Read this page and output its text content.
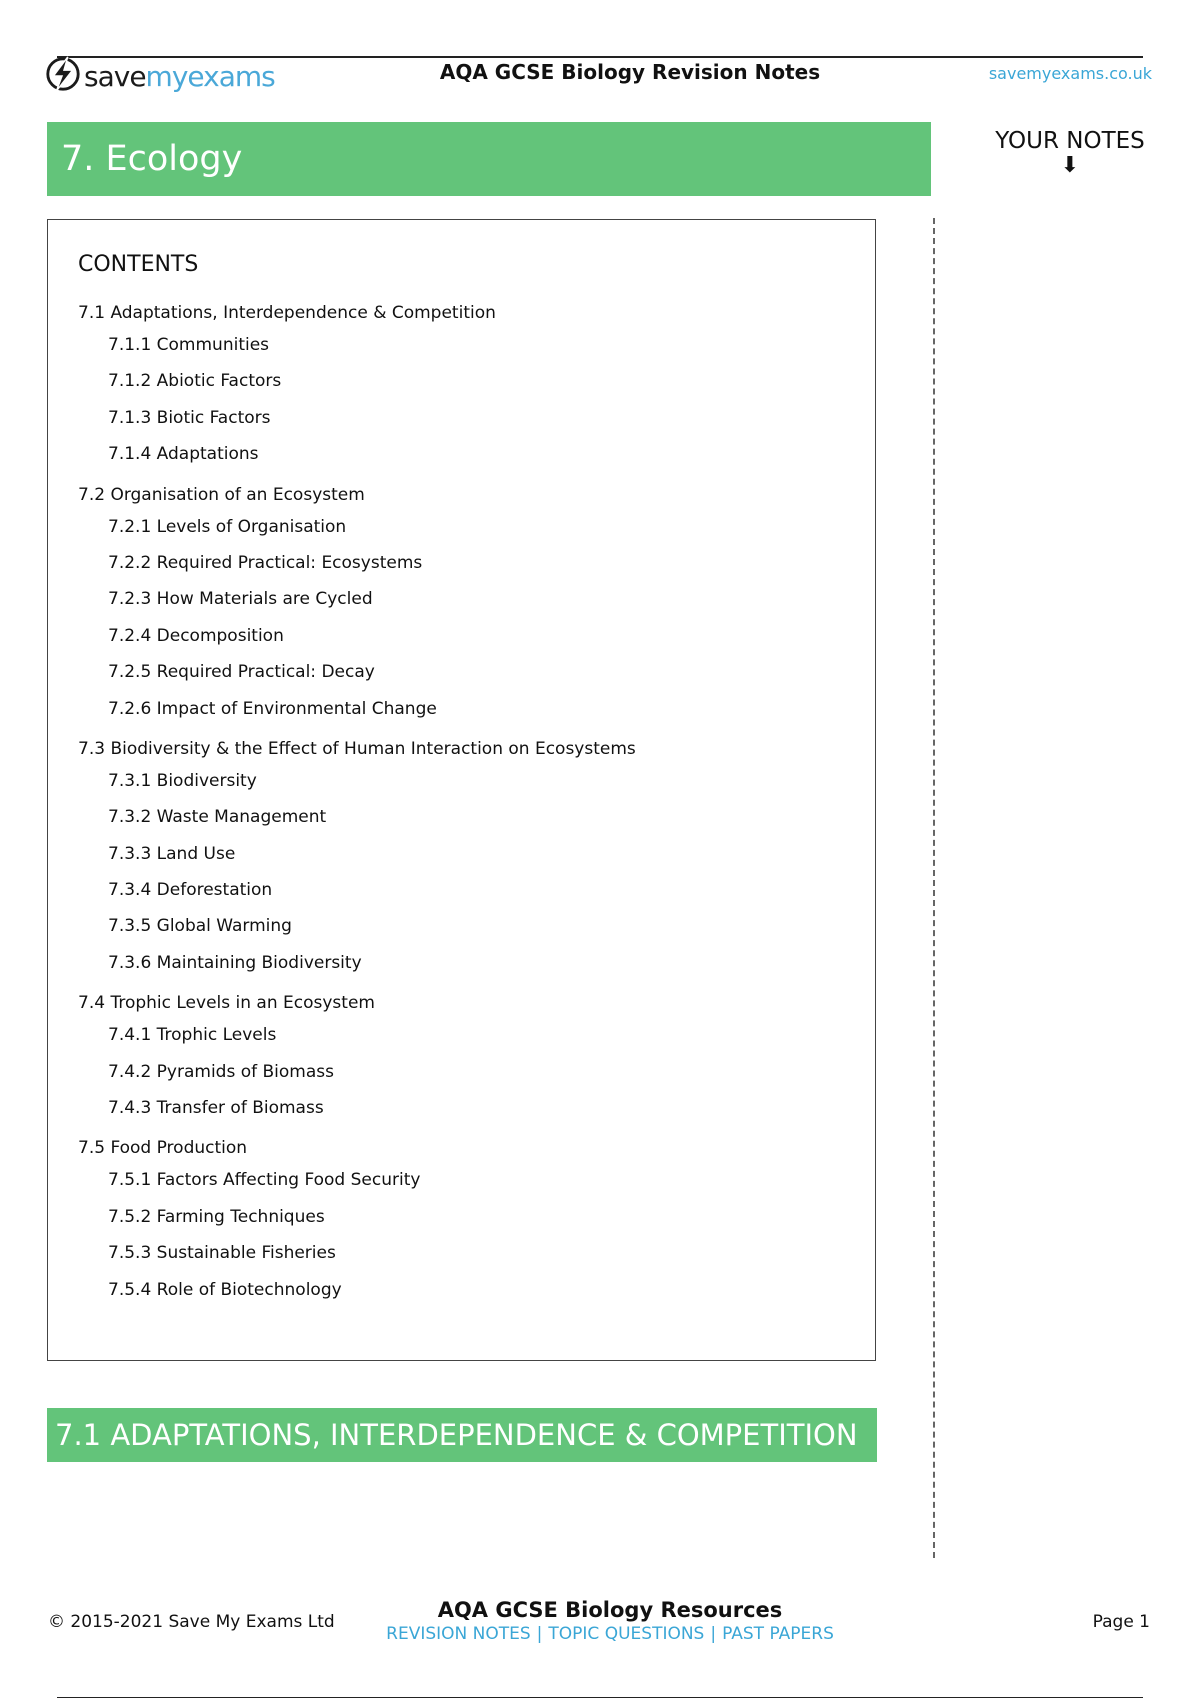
savemyexams	AQA GCSE Biology Revision Notes	savemyexams.co.uk
7. Ecology	YOUR NOTES
⬇
CONTENTS
7.1 Adaptations, Interdependence & Competition
7.1.1 Communities
7.1.2 Abiotic Factors
7.1.3 Biotic Factors
7.1.4 Adaptations
7.2 Organisation of an Ecosystem
7.2.1 Levels of Organisation
7.2.2 Required Practical: Ecosystems
7.2.3 How Materials are Cycled
7.2.4 Decomposition
7.2.5 Required Practical: Decay
7.2.6 Impact of Environmental Change
7.3 Biodiversity & the Effect of Human Interaction on Ecosystems
7.3.1 Biodiversity
7.3.2 Waste Management
7.3.3 Land Use
7.3.4 Deforestation
7.3.5 Global Warming
7.3.6 Maintaining Biodiversity
7.4 Trophic Levels in an Ecosystem
7.4.1 Trophic Levels
7.4.2 Pyramids of Biomass
7.4.3 Transfer of Biomass
7.5 Food Production
7.5.1 Factors Affecting Food Security
7.5.2 Farming Techniques
7.5.3 Sustainable Fisheries
7.5.4 Role of Biotechnology
7.1 ADAPTATIONS, INTERDEPENDENCE & COMPETITION
© 2015-2021 Save My Exams Ltd	AQA GCSE Biology Resources
REVISION NOTES | TOPIC QUESTIONS | PAST PAPERS
Page 1
